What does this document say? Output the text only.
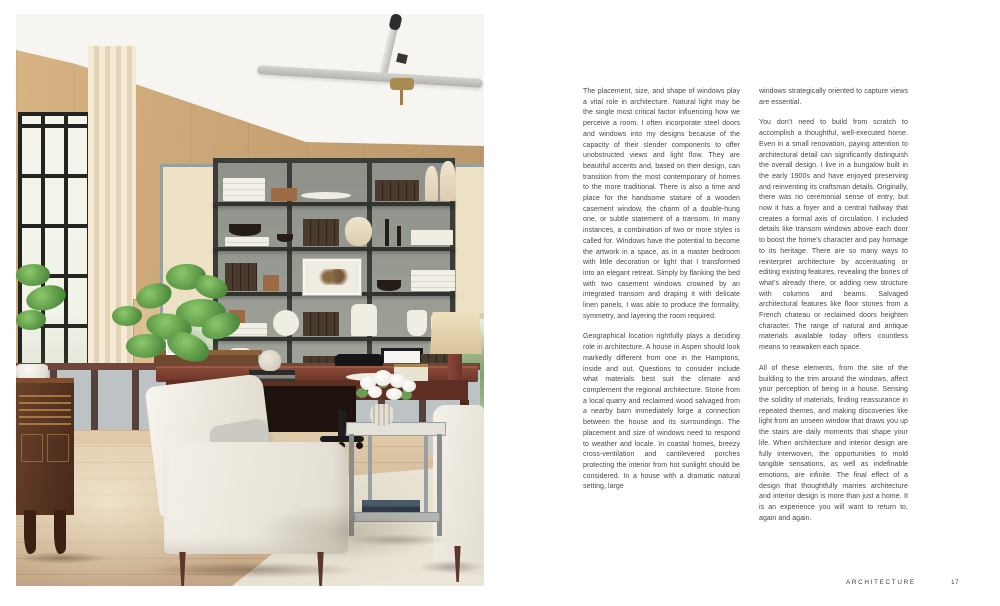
The placement, size, and shape of windows play a vital role in architecture. Natural light may be the single most critical factor influencing how we perceive a room. I often incorporate steel doors and windows into my designs because of the capacity of their slender components to offer unobstructed views and light flow. They are beautiful accents and, based on their design, can transition from the most contemporary of homes to the more traditional. There is also a time and place for the handsome stature of a wooden casement window, the charm of a double-hung one, or subtle statement of a transom. In many instances, a combination of two or more styles is called for. Windows have the potential to become the artwork in a space, as in a master bedroom with little decoration or light that I transformed into an elegant retreat. Simply by flanking the bed with two casement windows crowned by an integrated transom and draping it with delicate linen panels, I was able to produce the formality, symmetry, and layering the room required.

Geographical location rightfully plays a deciding role in architecture. A house in Aspen should look markedly different from one in the Hamptons, inside and out. Questions to consider include what materials best suit the climate and complement the regional architecture. Stone from a local quarry and reclaimed wood salvaged from a nearby barn immediately forge a connection between the house and its surroundings. The placement and size of windows need to respond to weather and locale. In coastal homes, breezy cross-ventilation and cantilevered porches protecting the interior from hot sunlight should be considered. In a house with a dramatic natural setting, large

windows strategically oriented to capture views are essential.

You don’t need to build from scratch to accomplish a thoughtful, well-executed home. Even in a small renovation, paying attention to architectural detail can significantly distinguish the overall design. I live in a bungalow built in the early 1900s and have enjoyed preserving and reinventing its craftsman details. Originally, there was no ceremonial sense of entry, but now it has a foyer and a central hallway that creates a formal axis of circulation. I included details like transom windows above each door to boost the home’s character and pay homage to its heritage. There are so many ways to reinterpret architecture by accentuating or editing existing features, revealing the bones of what’s already there, or adding new structure with columns and beams. Salvaged architectural features like floor stones from a French chateau or reclaimed doors heighten character. The range of natural and antique materials available today offers countless means to reawaken each space.

All of these elements, from the site of the building to the trim around the windows, affect your perception of being in a house. Sensing the solidity of materials, finding reassurance in repeated themes, and making discoveries like light from an unseen window that draws you up the stairs are daily moments that shape your life. When architecture and interior design are fully interwoven, the opportunities to mold tangible sensations, as well as indefinable emotions, are infinite. The final effect of a design that thoughtfully marries architecture and interior design is more than just a home. It is an experience you will want to return to, again and again.

ARCHITECTURE	17
